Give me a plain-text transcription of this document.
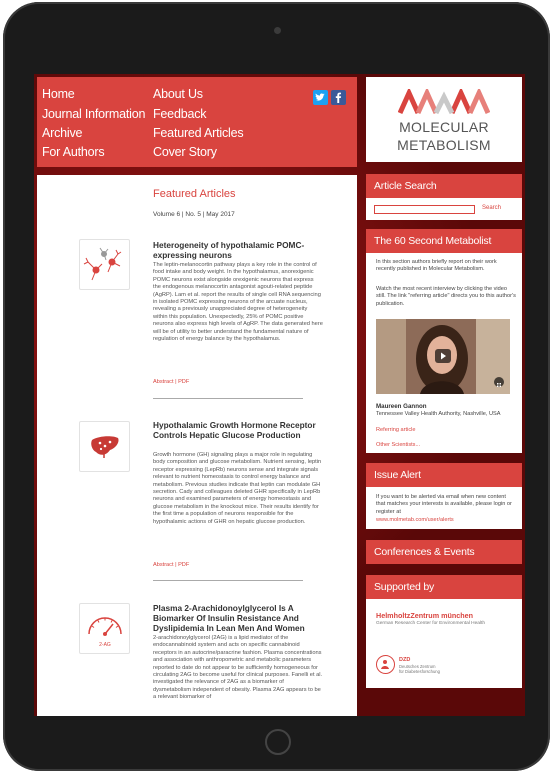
Home
Journal Information
Archive
For Authors
About Us
Feedback
Featured Articles
Cover Story
MOLECULAR
METABOLISM
Featured Articles
Volume 6 | No. 5 | May 2017
Heterogeneity of hypothalamic POMC-expressing neurons
The leptin-melanocortin pathway plays a key role in the control of food intake and body weight. In the hypothalamus, anorexigenic POMC neurons exist alongside orexigenic neurons that express the endogenous melanocortin antagonist agouti-related peptide (AgRP). Lam et al. report the results of single cell RNA sequencing in isolated POMC expressing neurons of the arcuate nucleus, revealing a previously unappreciated degree of heterogeneity within this population. Unexpectedly, 25% of POMC positive neurons also express high levels of AgRP. The data generated here will be of utility to better understand the fundamental nature of regulation of energy balance by the hypothalamus.
Abstract | PDF
Hypothalamic Growth Hormone Receptor Controls Hepatic Glucose Production
Growth hormone (GH) signaling plays a major role in regulating body composition and glucose metabolism. Nutrient sensing, leptin receptor expressing (LepRb) neurons sense and integrate signals relevant to nutrient homeostasis to control energy balance and metabolism. Previous studies indicate that leptin can modulate GH secretion. Cady and colleagues deleted GHR specifically in LepRb neurons and examined parameters of energy homeostasis and glucose metabolism in the knockout mice. Their results identify for the first time a population of neurons responsible for the hypothalamic actions of GHR on hepatic glucose production.
Abstract | PDF
2-AG
Plasma 2-Arachidonoylglycerol Is A Biomarker Of Insulin Resistance And Dyslipidemia In Lean Men And Women
2-arachidonoylglycerol (2AG) is a lipid mediator of the endocannabinoid system and acts on specific cannabinoid receptors in an autocrine/paracrine fashion. Plasma concentrations and association with anthropometric and metabolic parameters reported to date do not appear to be sufficiently homogeneous for circulating 2AG to become useful for clinical purposes. Fanelli et al. investigated the relevance of 2AG as a biomarker of dysmetabolism independent of obesity. Plasma 2AG appears to be a relevant biomarker of
Article Search
Search
The 60 Second Metabolist
In this section authors briefly report on their work recently published in Molecular Metabolism.
Watch the most recent interview by clicking the video still. The link "referring article" directs you to this author's publication.
Maureen Gannon
Tennessee Valley Health Authority, Nashville, USA
Referring article
Other Scientists...
Issue Alert
If you want to be alerted via email when new content that matches your interests is available, please login or register at
www.molmetab.com/user/alerts
Conferences & Events
Supported by
HelmholtzZentrum münchen
German Research Center for Environmental Health
DZD
Deutsches Zentrum
für Diabetesforschung
